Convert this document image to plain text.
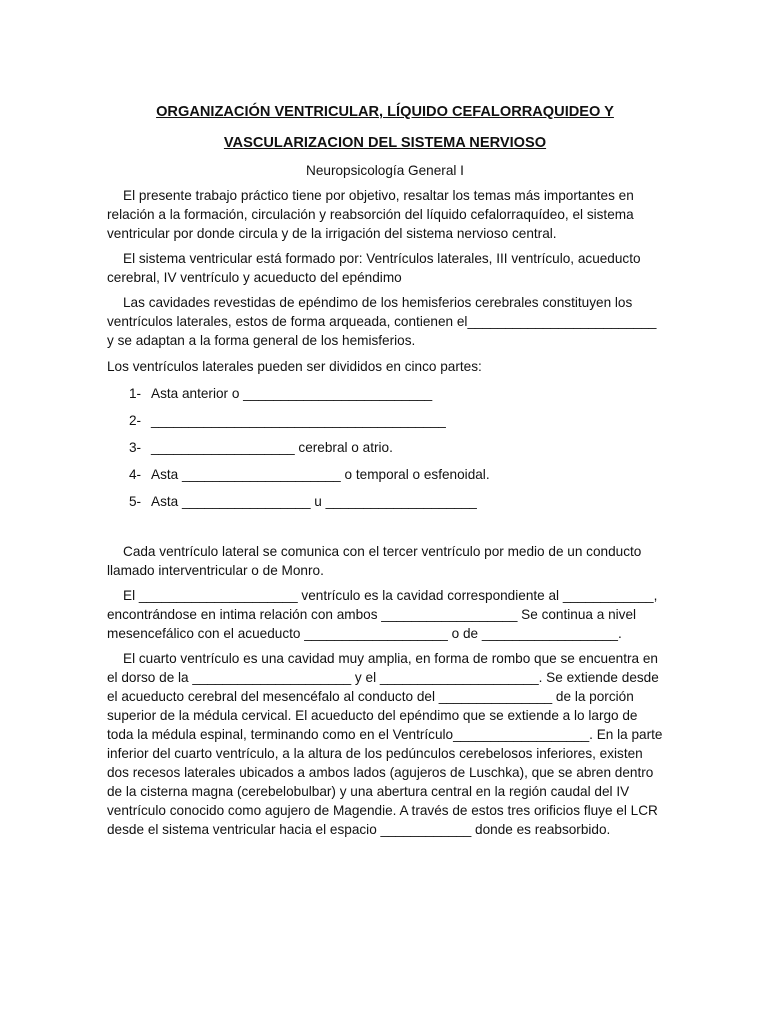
ORGANIZACIÓN VENTRICULAR, LÍQUIDO CEFALORRAQUIDEO Y
VASCULARIZACION DEL SISTEMA NERVIOSO
Neuropsicología General I

El presente trabajo práctico tiene por objetivo, resaltar los temas más importantes en relación a la formación, circulación y reabsorción del líquido cefalorraquídeo, el sistema ventricular por donde circula y de la irrigación del sistema nervioso central.

El sistema ventricular está formado por: Ventrículos laterales, III ventrículo, acueducto cerebral, IV ventrículo y acueducto del epéndimo

Las cavidades revestidas de epéndimo de los hemisferios cerebrales constituyen los ventrículos laterales, estos de forma arqueada, contienen el_________________________ y se adaptan a la forma general de los hemisferios.

Los ventrículos laterales pueden ser divididos en cinco partes:

1- Asta anterior o _________________________
2- _______________________________________
3- ___________________ cerebral o atrio.
4- Asta _____________________ o temporal o esfenoidal.
5- Asta _________________ u ____________________

Cada ventrículo lateral se comunica con el tercer ventrículo por medio de un conducto llamado interventricular o de Monro.

El _____________________ ventrículo es la cavidad correspondiente al ____________, encontrándose en intima relación con ambos __________________ Se continua a nivel mesencefálico con el acueducto ___________________ o de __________________.

El cuarto ventrículo es una cavidad muy amplia, en forma de rombo que se encuentra en el dorso de la _____________________ y el _____________________. Se extiende desde el acueducto cerebral del mesencéfalo al conducto del _______________ de la porción superior de la médula cervical. El acueducto del epéndimo que se extiende a lo largo de toda la médula espinal, terminando como en el Ventrículo__________________. En la parte inferior del cuarto ventrículo, a la altura de los pedúnculos cerebelosos inferiores, existen dos recesos laterales ubicados a ambos lados (agujeros de Luschka), que se abren dentro de la cisterna magna (cerebelobulbar) y una abertura central en la región caudal del IV ventrículo conocido como agujero de Magendie. A través de estos tres orificios fluye el LCR desde el sistema ventricular hacia el espacio ____________ donde es reabsorbido.
